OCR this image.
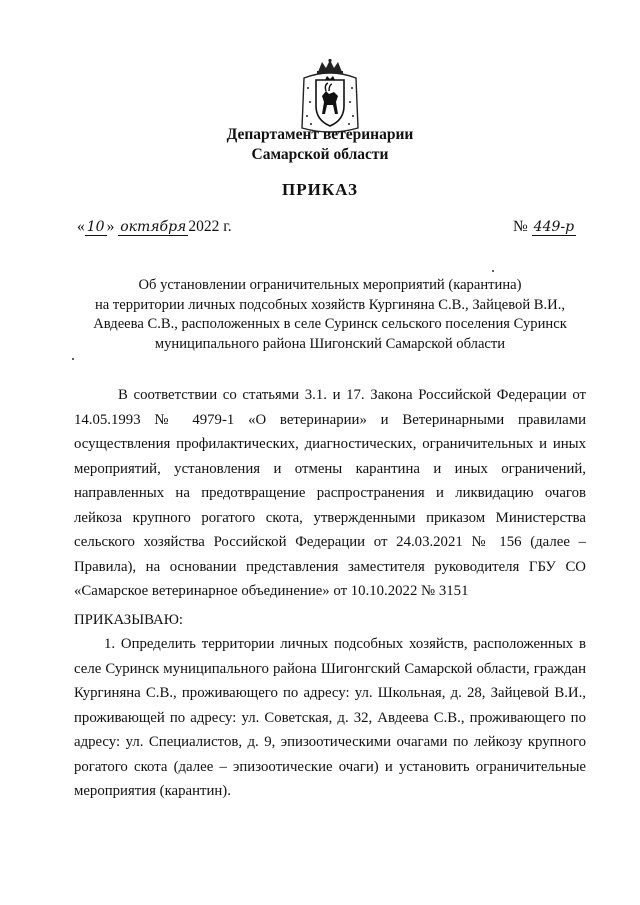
Департамент ветеринарии
Самарской области
ПРИКАЗ
« 10 » октября 2022 г.	№ 449-р
Об установлении ограничительных мероприятий (карантина)
на территории личных подсобных хозяйств Кургиняна С.В., Зайцевой В.И.,
Авдеева С.В., расположенных в селе Суринск сельского поселения Суринск
муниципального района Шигонский Самарской области
В соответствии со статьями 3.1. и 17. Закона Российской Федерации от 14.05.1993 № 4979-1 «О ветеринарии» и Ветеринарными правилами осуществления профилактических, диагностических, ограничительных и иных мероприятий, установления и отмены карантина и иных ограничений, направленных на предотвращение распространения и ликвидацию очагов лейкоза крупного рогатого скота, утвержденными приказом Министерства сельского хозяйства Российской Федерации от 24.03.2021 № 156 (далее – Правила), на основании представления заместителя руководителя ГБУ СО «Самарское ветеринарное объединение» от 10.10.2022 № 3151
ПРИКАЗЫВАЮ:
1. Определить территории личных подсобных хозяйств, расположенных в селе Суринск муниципального района Шигонгский Самарской области, граждан Кургиняна С.В., проживающего по адресу: ул. Школьная, д. 28, Зайцевой В.И., проживающей по адресу: ул. Советская, д. 32, Авдеева С.В., проживающего по адресу: ул. Специалистов, д. 9, эпизоотическими очагами по лейкозу крупного рогатого скота (далее – эпизоотические очаги) и установить ограничительные мероприятия (карантин).
